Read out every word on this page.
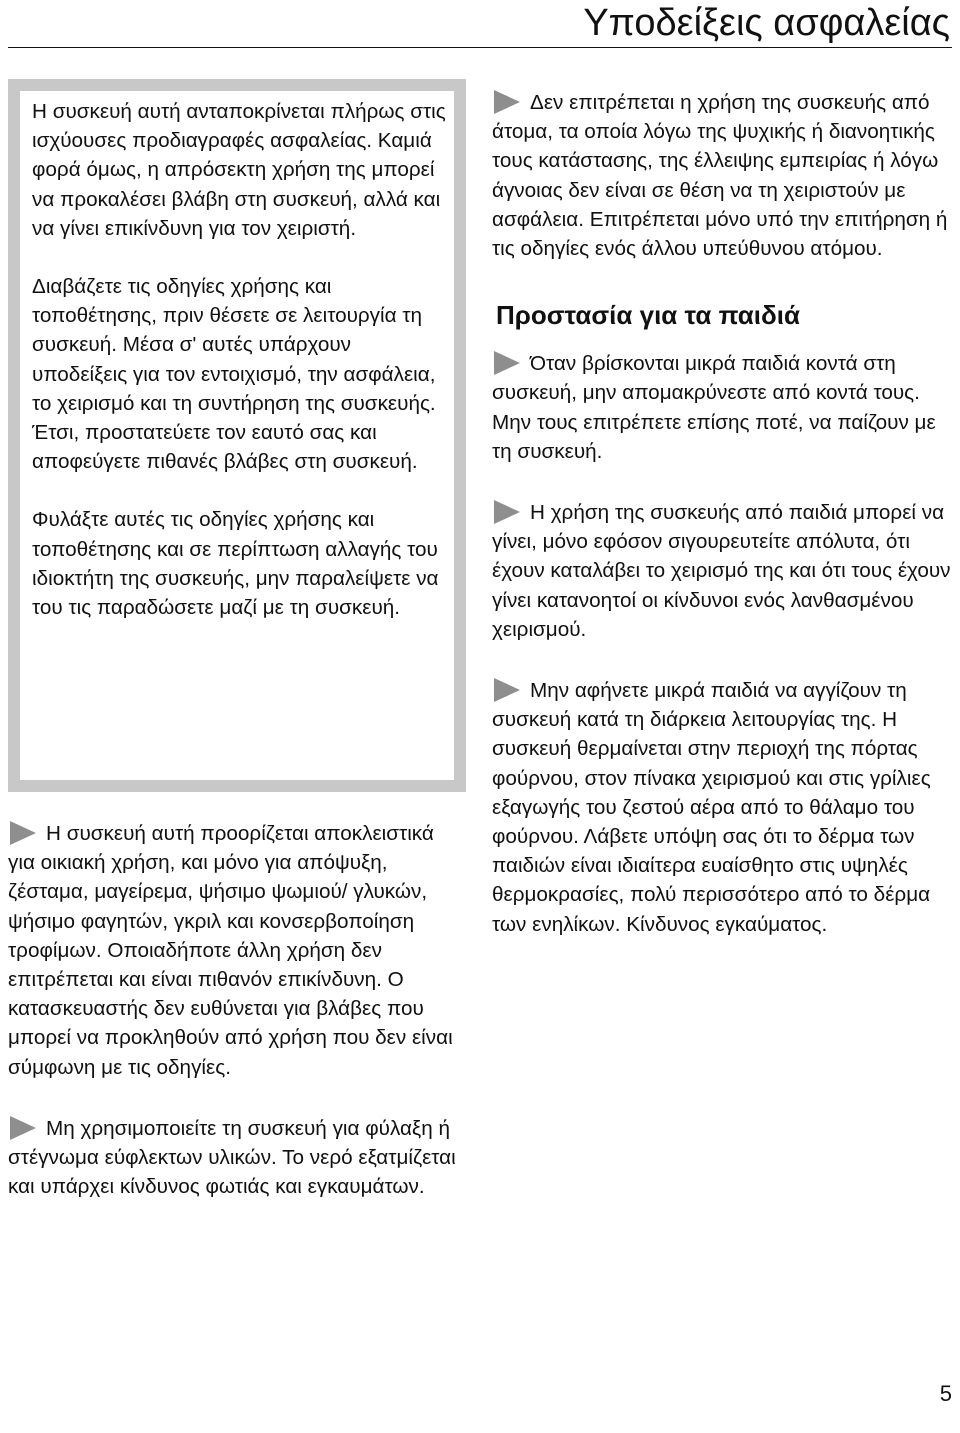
Υποδείξεις ασφαλείας

Η συσκευή αυτή ανταποκρίνεται πλήρως στις ισχύουσες προδιαγραφές ασφαλείας. Καμιά φορά όμως, η απρόσεκτη χρήση της μπορεί να προκαλέσει βλάβη στη συσκευή, αλλά και να γίνει επικίνδυνη για τον χειριστή.

Διαβάζετε τις οδηγίες χρήσης και τοποθέτησης, πριν θέσετε σε λειτουργία τη συσκευή. Μέσα σ' αυτές υπάρχουν υποδείξεις για τον εντοιχισμό, την ασφάλεια, το χειρισμό και τη συντήρηση της συσκευής. Έτσι, προστατεύετε τον εαυτό σας και αποφεύγετε πιθανές βλάβες στη συσκευή.

Φυλάξτε αυτές τις οδηγίες χρήσης και τοποθέτησης και σε περίπτωση αλλαγής του ιδιοκτήτη της συσκευής, μην παραλείψετε να του τις παραδώσετε μαζί με τη συσκευή.

Η συσκευή αυτή προορίζεται αποκλειστικά για οικιακή χρήση, και μόνο για απόψυξη, ζέσταμα, μαγείρεμα, ψήσιμο ψωμιού/ γλυκών, ψήσιμο φαγητών, γκριλ και κονσερβοποίηση τροφίμων. Οποιαδήποτε άλλη χρήση δεν επιτρέπεται και είναι πιθανόν επικίνδυνη. Ο κατασκευαστής δεν ευθύνεται για βλάβες που μπορεί να προκληθούν από χρήση που δεν είναι σύμφωνη με τις οδηγίες.

Μη χρησιμοποιείτε τη συσκευή για φύλαξη ή στέγνωμα εύφλεκτων υλικών. Το νερό εξατμίζεται και υπάρχει κίνδυνος φωτιάς και εγκαυμάτων.

Δεν επιτρέπεται η χρήση της συσκευής από άτομα, τα οποία λόγω της ψυχικής ή διανοητικής τους κατάστασης, της έλλειψης εμπειρίας ή λόγω άγνοιας δεν είναι σε θέση να τη χειριστούν με ασφάλεια. Επιτρέπεται μόνο υπό την επιτήρηση ή τις οδηγίες ενός άλλου υπεύθυνου ατόμου.

Προστασία για τα παιδιά

Όταν βρίσκονται μικρά παιδιά κοντά στη συσκευή, μην απομακρύνεστε από κοντά τους. Μην τους επιτρέπετε επίσης ποτέ, να παίζουν με τη συσκευή.

Η χρήση της συσκευής από παιδιά μπορεί να γίνει, μόνο εφόσον σιγουρευτείτε απόλυτα, ότι έχουν καταλάβει το χειρισμό της και ότι τους έχουν γίνει κατανοητοί οι κίνδυνοι ενός λανθασμένου χειρισμού.

Μην αφήνετε μικρά παιδιά να αγγίζουν τη συσκευή κατά τη διάρκεια λειτουργίας της. Η συσκευή θερμαίνεται στην περιοχή της πόρτας φούρνου, στον πίνακα χειρισμού και στις γρίλιες εξαγωγής του ζεστού αέρα από το θάλαμο του φούρνου. Λάβετε υπόψη σας ότι το δέρμα των παιδιών είναι ιδιαίτερα ευαίσθητο στις υψηλές θερμοκρασίες, πολύ περισσότερο από το δέρμα των ενηλίκων. Κίνδυνος εγκαύματος.

5
